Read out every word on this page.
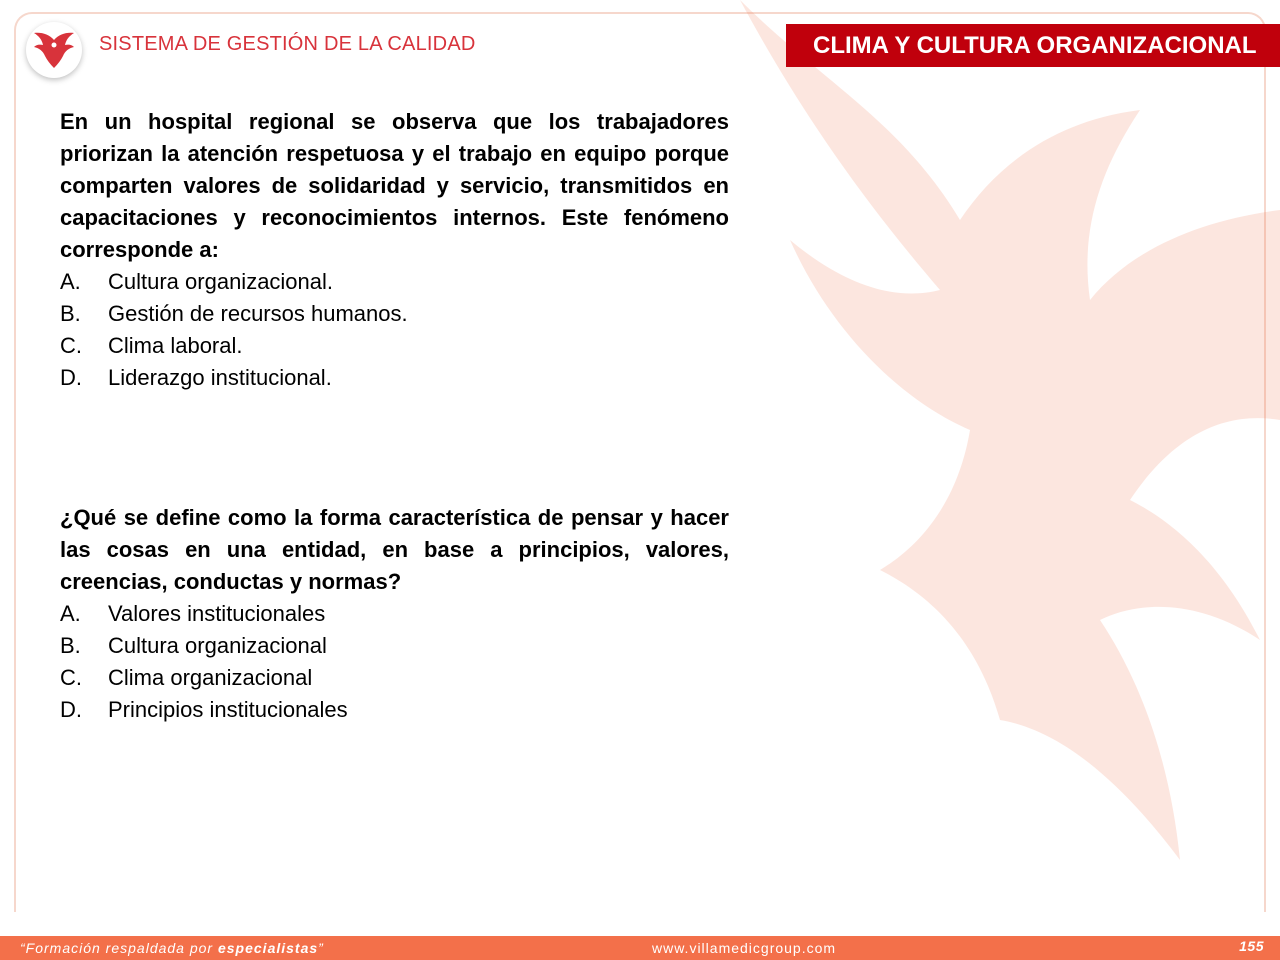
SISTEMA DE GESTIÓN DE LA CALIDAD	CLIMA Y CULTURA ORGANIZACIONAL

En un hospital regional se observa que los trabajadores priorizan la atención respetuosa y el trabajo en equipo porque comparten valores de solidaridad y servicio, transmitidos en capacitaciones y reconocimientos internos. Este fenómeno corresponde a:

A.	Cultura organizacional.
B.	Gestión de recursos humanos.
C.	Clima laboral.
D.	Liderazgo institucional.

¿Qué se define como la forma característica de pensar y hacer las cosas en una entidad, en base a principios, valores, creencias, conductas y normas?

A.	Valores institucionales
B.	Cultura organizacional
C.	Clima organizacional
D.	Principios institucionales
“Formación respaldada por especialistas”	www.villamedicgroup.com	155
